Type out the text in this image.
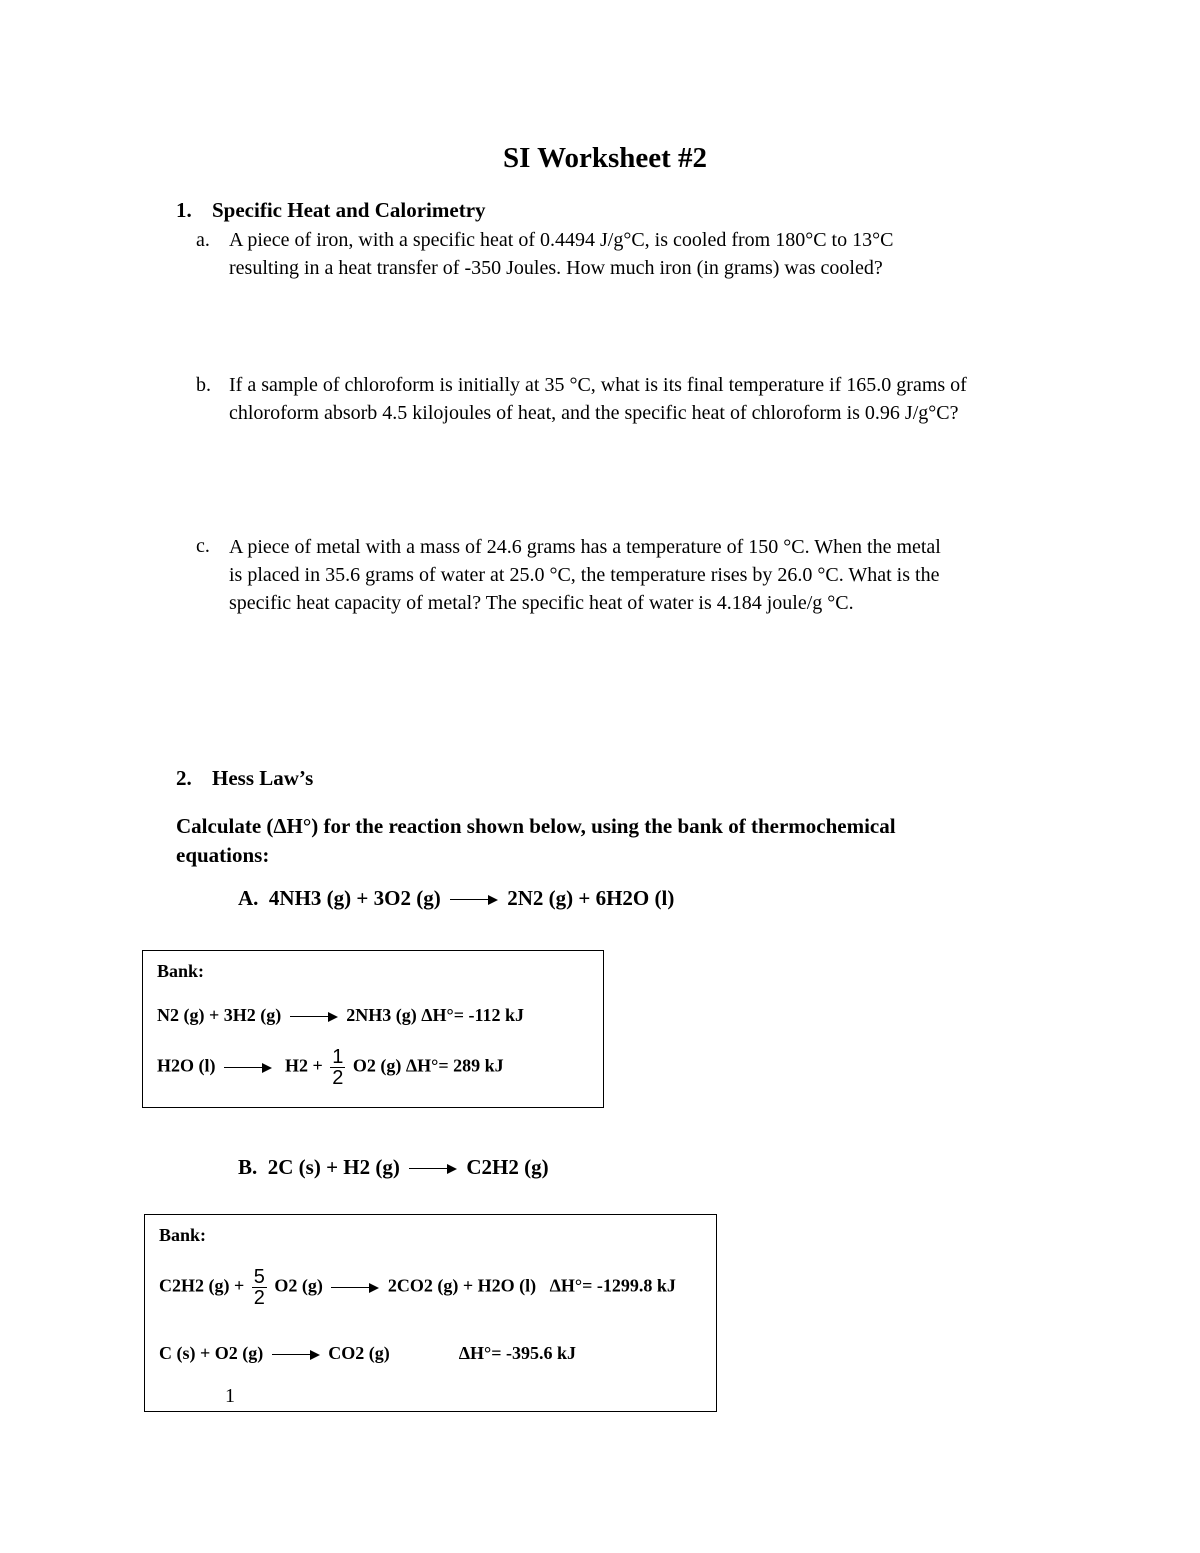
SI Worksheet #2
1. Specific Heat and Calorimetry
a. A piece of iron, with a specific heat of 0.4494 J/g°C, is cooled from 180°C to 13°C
resulting in a heat transfer of -350 Joules. How much iron (in grams) was cooled?
b. If a sample of chloroform is initially at 35 °C, what is its final temperature if 165.0 grams of
chloroform absorb 4.5 kilojoules of heat, and the specific heat of chloroform is 0.96 J/g°C?
c. A piece of metal with a mass of 24.6 grams has a temperature of 150 °C. When the metal
is placed in 35.6 grams of water at 25.0 °C, the temperature rises by 26.0 °C. What is the
specific heat capacity of metal? The specific heat of water is 4.184 joule/g °C.
2. Hess Law’s
Calculate (ΔH°) for the reaction shown below, using the bank of thermochemical
equations:
A. 4NH3 (g) + 3O2 (g)	2N2 (g) + 6H2O (l)
Bank:
N2 (g) + 3H2 (g)	2NH3 (g) ΔH°= -112 kJ
H2O (l)	$H2 + \frac{1}{2} O2$ (g) ΔH°= 289 kJ
B. 2C (s) + H2 (g)	C2H2 (g)
Bank:
C2H2 $(g) + \frac{5}{2} O2$ (g)	2CO2 (g) + H2O (l) ΔH°= -1299.8 kJ
C (s) + O2 (g)	CO2 (g)	ΔH°= -395.6 kJ
1
